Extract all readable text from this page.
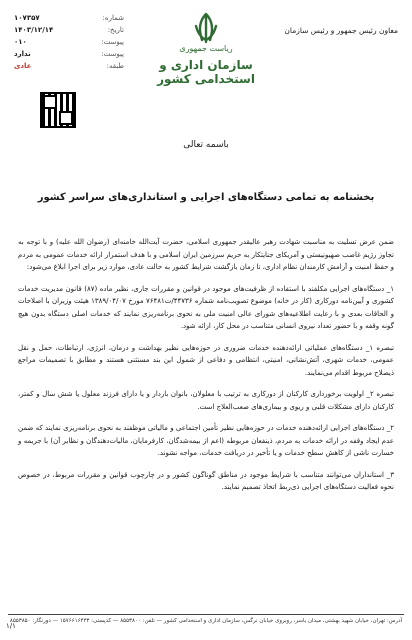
شماره:
۱۰۷۳۵۷
تاریخ:
۱۴۰۳/۱۲/۱۴
پیوست:
۰۱۰
پیوست:
ندارد
طبقه:
عادی
ریاست جمهوری
سازمان اداری و استخدامی کشور
معاون رئیس جمهور و رئیس سازمان
باسمه تعالی
بخشنامه به تمامی دستگاه‌های اجرایی و استانداری‌های سراسر کشور

ضمن عرض تسلیت به مناسبت شهادت رهبر عالیقدر جمهوری اسلامی، حضرت آیت‌الله خامنه‌ای (رضوان الله علیه) و با توجه به تجاوز رژیم غاصب صهیونیستی و آمریکای جنایتکار به حریم سرزمین ایران اسلامی و با هدف استمرار ارائه خدمات عمومی به مردم و حفظ امنیت و آرامش کارمندان نظام اداری، تا زمان بازگشت شرایط کشور به حالت عادی، موارد زیر برای اجرا ابلاغ می‌شود:

۱_ دستگاه‌های اجرایی مکلفند با استفاده از ظرفیت‌های موجود در قوانین و مقررات جاری، نظیر ماده (۸۷) قانون مدیریت خدمات کشوری و آیین‌نامه دورکاری (کار در خانه) موضوع تصویب‌نامه شماره ۴۴۷۳۶/ت۷۶۴۸۱ مورخ ۱۳۸۹/۰۴/۰۷ هیئت وزیران با اصلاحات و الحاقات بعدی و با رعایت اطلاعیه‌های شورای عالی امنیت ملی به نحوی برنامه‌ریزی نمایند که خدمات اصلی دستگاه بدون هیچ گونه وقفه و با حضور تعداد نیروی انسانی متناسب در محل کار، ارائه شود.

تبصره ۱_ دستگاه‌های عملیاتی ارائه‌دهنده خدمات ضروری در حوزه‌هایی نظیر بهداشت و درمان، انرژی، ارتباطات، حمل و نقل عمومی، خدمات شهری، آتش‌نشانی، امنیتی، انتظامی و دفاعی از شمول این بند مستثنی هستند و مطابق با تصمیمات مراجع ذیصلاح مربوط اقدام می‌نمایند.

تبصره ۲_ اولویت برخورداری کارکنان از دورکاری به ترتیب با معلولان، بانوان باردار و یا دارای فرزند معلول یا شش سال و کمتر، کارکنان دارای مشکلات قلبی و ریوی و بیماری‌های صعب‌العلاج است.

۲_ دستگاه‌های اجرایی ارائه‌دهنده خدمات در حوزه‌هایی نظیر تأمین اجتماعی و مالیاتی موظفند به نحوی برنامه‌ریزی نمایند که ضمن عدم ایجاد وقفه در ارائه خدمات به مردم، ذینفعان مربوطه (اعم از بیمه‌شدگان، کارفرمایان، مالیات‌دهندگان و نظایر آن) با جریمه و خسارت ناشی از کاهش سطح خدمات و یا تأخیر در دریافت خدمات، مواجه نشوند.

۳_ استانداران می‌توانند متناسب با شرایط موجود در مناطق گوناگون کشور و در چارچوب قوانین و مقررات مربوط، در خصوص نحوه فعالیت دستگاه‌های اجرایی ذی‌ربط اتخاذ تصمیم نمایند.

آدرس: تهران، خیابان شهید بهشتی، میدان یاسر، روبروی خیابان نرگس، سازمان اداری و استخدامی کشور — تلفن: ۸۵۵۳۸۰۰ — کدپستی: ۱۵۷۶۶۱۶۴۴۳ — دورنگار: ۸۵۵۳۸۵۰
۱/۱
